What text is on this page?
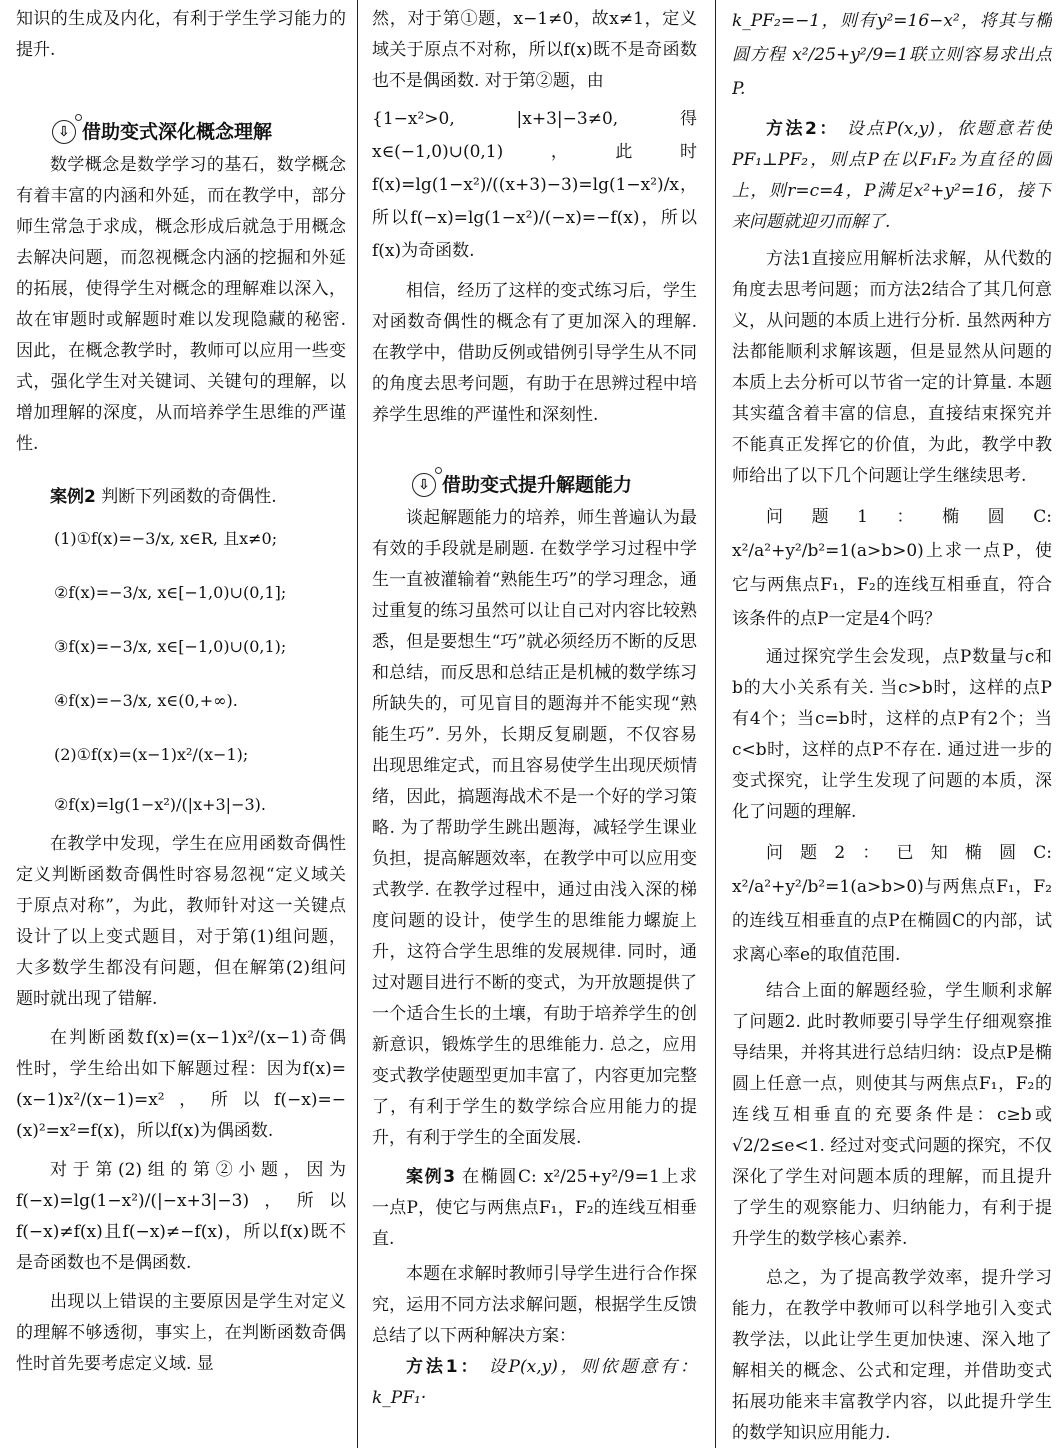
知识的生成及内化，有利于学生学习能力的提升.

⇩ 借助变式深化概念理解

数学概念是数学学习的基石，数学概念有着丰富的内涵和外延，而在教学中，部分师生常急于求成，概念形成后就急于用概念去解决问题，而忽视概念内涵的挖掘和外延的拓展，使得学生对概念的理解难以深入，故在审题时或解题时难以发现隐藏的秘密. 因此，在概念教学时，教师可以应用一些变式，强化学生对关键词、关键句的理解，以增加理解的深度，从而培养学生思维的严谨性.

案例2 判断下列函数的奇偶性.

(1)①f(x)=−3/x, x∈R, 且x≠0;

②f(x)=−3/x, x∈[−1,0)∪(0,1];

③f(x)=−3/x, x∈[−1,0)∪(0,1);

④f(x)=−3/x, x∈(0,+∞).

(2)①f(x)=(x−1)x²/(x−1);

②f(x)=lg(1−x²)/(|x+3|−3).

在教学中发现，学生在应用函数奇偶性定义判断函数奇偶性时容易忽视“定义域关于原点对称”，为此，教师针对这一关键点设计了以上变式题目，对于第(1)组问题，大多数学生都没有问题，但在解第(2)组问题时就出现了错解.

在判断函数f(x)=(x−1)x²/(x−1)奇偶性时，学生给出如下解题过程：因为f(x)=(x−1)x²/(x−1)=x²，所以f(−x)=−(x)²=x²=f(x)，所以f(x)为偶函数.

对于第(2)组的第②小题，因为f(−x)=lg(1−x²)/(|−x+3|−3)，所以f(−x)≠f(x)且f(−x)≠−f(x)，所以f(x)既不是奇函数也不是偶函数.

出现以上错误的主要原因是学生对定义的理解不够透彻，事实上，在判断函数奇偶性时首先要考虑定义域. 显

然，对于第①题，x−1≠0，故x≠1，定义域关于原点不对称，所以f(x)既不是奇函数也不是偶函数. 对于第②题，由

{1−x²>0, |x+3|−3≠0, 得x∈(−1,0)∪(0,1)，此时f(x)=lg(1−x²)/((x+3)−3)=lg(1−x²)/x，所以f(−x)=lg(1−x²)/(−x)=−f(x)，所以f(x)为奇函数.

相信，经历了这样的变式练习后，学生对函数奇偶性的概念有了更加深入的理解. 在教学中，借助反例或错例引导学生从不同的角度去思考问题，有助于在思辨过程中培养学生思维的严谨性和深刻性.

⇩ 借助变式提升解题能力

谈起解题能力的培养，师生普遍认为最有效的手段就是刷题. 在数学学习过程中学生一直被灌输着“熟能生巧”的学习理念，通过重复的练习虽然可以让自己对内容比较熟悉，但是要想生“巧”就必须经历不断的反思和总结，而反思和总结正是机械的数学练习所缺失的，可见盲目的题海并不能实现“熟能生巧”. 另外，长期反复刷题，不仅容易出现思维定式，而且容易使学生出现厌烦情绪，因此，搞题海战术不是一个好的学习策略. 为了帮助学生跳出题海，减轻学生课业负担，提高解题效率，在教学中可以应用变式教学. 在教学过程中，通过由浅入深的梯度问题的设计，使学生的思维能力螺旋上升，这符合学生思维的发展规律. 同时，通过对题目进行不断的变式，为开放题提供了一个适合生长的土壤，有助于培养学生的创新意识，锻炼学生的思维能力. 总之，应用变式教学使题型更加丰富了，内容更加完整了，有利于学生的数学综合应用能力的提升，有利于学生的全面发展.

案例3 在椭圆C: x²/25+y²/9=1上求一点P，使它与两焦点F₁，F₂的连线互相垂直.

本题在求解时教师引导学生进行合作探究，运用不同方法求解问题，根据学生反馈总结了以下两种解决方案：

方法1： 设P(x,y)，则依题意有：k_PF₁·

k_PF₂=−1，则有y²=16−x²，将其与椭圆方程 x²/25+y²/9=1联立则容易求出点P.

方法2： 设点P(x,y)，依题意若使PF₁⊥PF₂，则点P在以F₁F₂为直径的圆上，则r=c=4，P满足x²+y²=16，接下来问题就迎刃而解了.

方法1直接应用解析法求解，从代数的角度去思考问题；而方法2结合了其几何意义，从问题的本质上进行分析. 虽然两种方法都能顺利求解该题，但是显然从问题的本质上去分析可以节省一定的计算量. 本题其实蕴含着丰富的信息，直接结束探究并不能真正发挥它的价值，为此，教学中教师给出了以下几个问题让学生继续思考.

问题1：椭圆C: x²/a²+y²/b²=1(a>b>0)上求一点P，使它与两焦点F₁，F₂的连线互相垂直，符合该条件的点P一定是4个吗？

通过探究学生会发现，点P数量与c和b的大小关系有关. 当c>b时，这样的点P有4个；当c=b时，这样的点P有2个；当c<b时，这样的点P不存在. 通过进一步的变式探究，让学生发现了问题的本质，深化了问题的理解.

问题2：已知椭圆C: x²/a²+y²/b²=1(a>b>0)与两焦点F₁，F₂的连线互相垂直的点P在椭圆C的内部，试求离心率e的取值范围.

结合上面的解题经验，学生顺利求解了问题2. 此时教师要引导学生仔细观察推导结果，并将其进行总结归纳：设点P是椭圆上任意一点，则使其与两焦点F₁，F₂的连线互相垂直的充要条件是：c≥b或√2/2≤e<1. 经过对变式问题的探究，不仅深化了学生对问题本质的理解，而且提升了学生的观察能力、归纳能力，有利于提升学生的数学核心素养.

总之，为了提高教学效率，提升学习能力，在教学中教师可以科学地引入变式教学法，以此让学生更加快速、深入地了解相关的概念、公式和定理，并借助变式拓展功能来丰富教学内容，以此提升学生的数学知识应用能力.
